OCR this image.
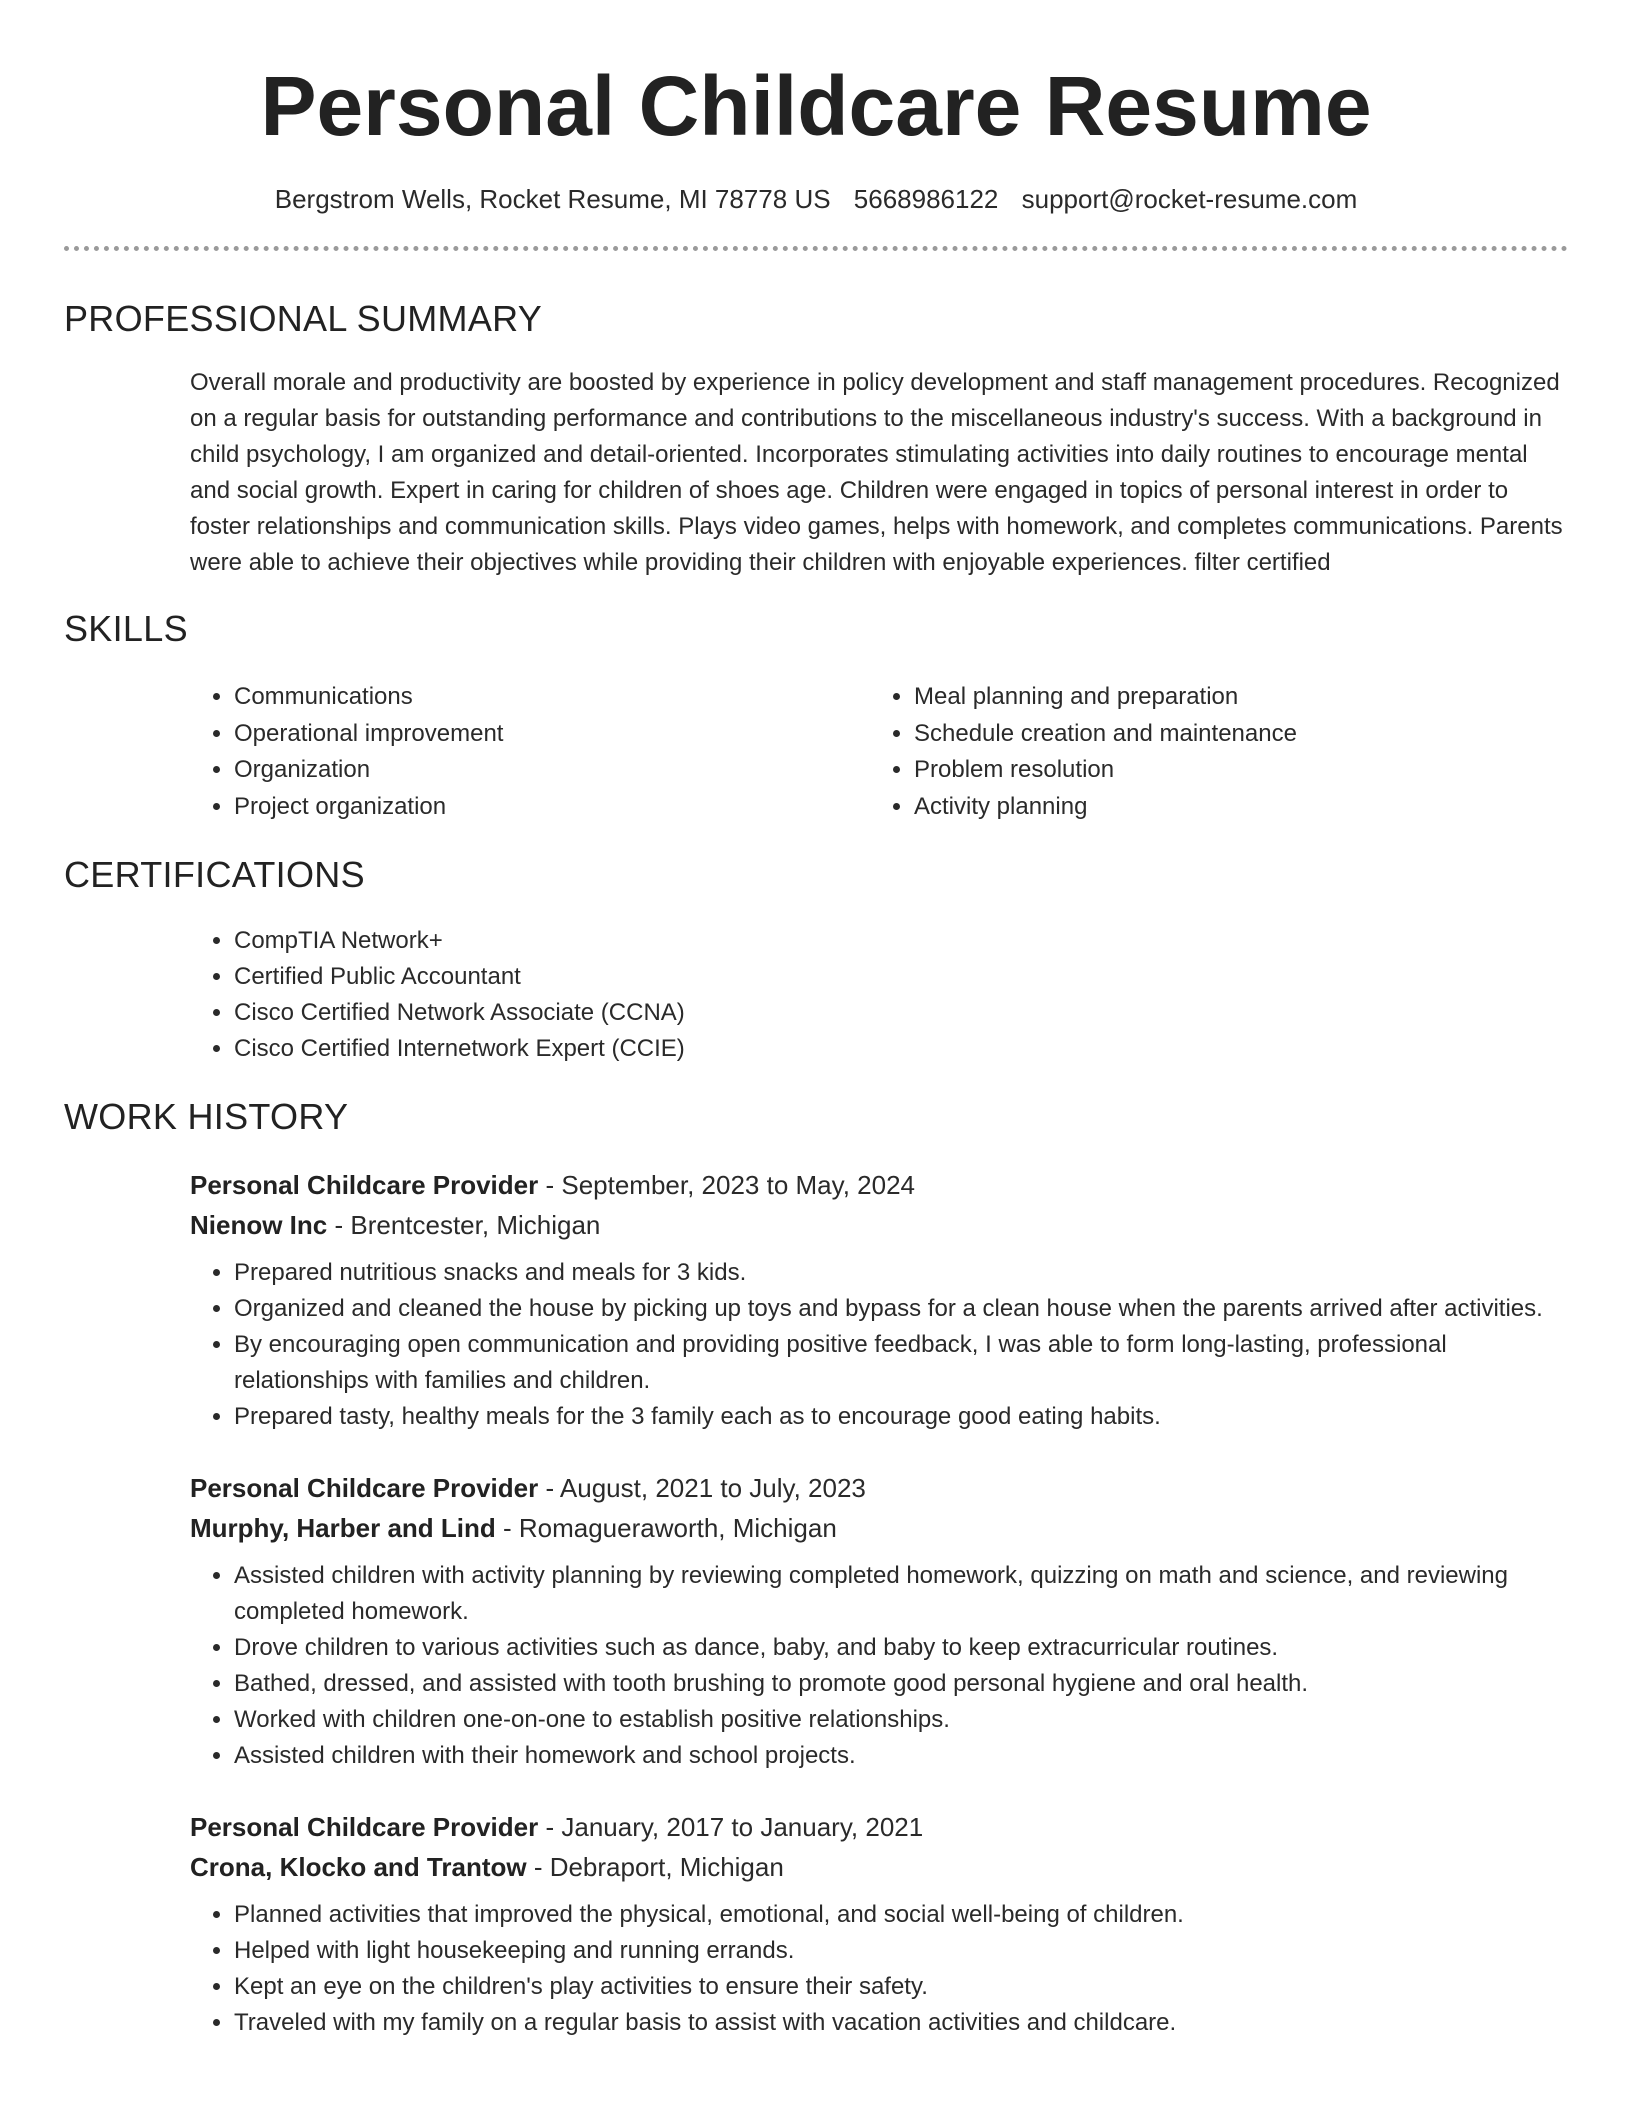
Personal Childcare Resume
Bergstrom Wells, Rocket Resume, MI 78778 US 5668986122 support@rocket-resume.com
PROFESSIONAL SUMMARY

Overall morale and productivity are boosted by experience in policy development and staff management procedures. Recognized on a regular basis for outstanding performance and contributions to the miscellaneous industry's success. With a background in child psychology, I am organized and detail-oriented. Incorporates stimulating activities into daily routines to encourage mental and social growth. Expert in caring for children of shoes age. Children were engaged in topics of personal interest in order to foster relationships and communication skills. Plays video games, helps with homework, and completes communications. Parents were able to achieve their objectives while providing their children with enjoyable experiences. filter certified

SKILLS
• Communications
• Operational improvement
• Organization
• Project organization
• Meal planning and preparation
• Schedule creation and maintenance
• Problem resolution
• Activity planning
CERTIFICATIONS
• CompTIA Network+
• Certified Public Accountant
• Cisco Certified Network Associate (CCNA)
• Cisco Certified Internetwork Expert (CCIE)
WORK HISTORY
Personal Childcare Provider - September, 2023 to May, 2024
Nienow Inc - Brentcester, Michigan
• Prepared nutritious snacks and meals for 3 kids.
• Organized and cleaned the house by picking up toys and bypass for a clean house when the parents arrived after activities.
• By encouraging open communication and providing positive feedback, I was able to form long-lasting, professional relationships with families and children.
• Prepared tasty, healthy meals for the 3 family each as to encourage good eating habits.
Personal Childcare Provider - August, 2021 to July, 2023
Murphy, Harber and Lind - Romagueraworth, Michigan
• Assisted children with activity planning by reviewing completed homework, quizzing on math and science, and reviewing completed homework.
• Drove children to various activities such as dance, baby, and baby to keep extracurricular routines.
• Bathed, dressed, and assisted with tooth brushing to promote good personal hygiene and oral health.
• Worked with children one-on-one to establish positive relationships.
• Assisted children with their homework and school projects.
Personal Childcare Provider - January, 2017 to January, 2021
Crona, Klocko and Trantow - Debraport, Michigan
• Planned activities that improved the physical, emotional, and social well-being of children.
• Helped with light housekeeping and running errands.
• Kept an eye on the children's play activities to ensure their safety.
• Traveled with my family on a regular basis to assist with vacation activities and childcare.
